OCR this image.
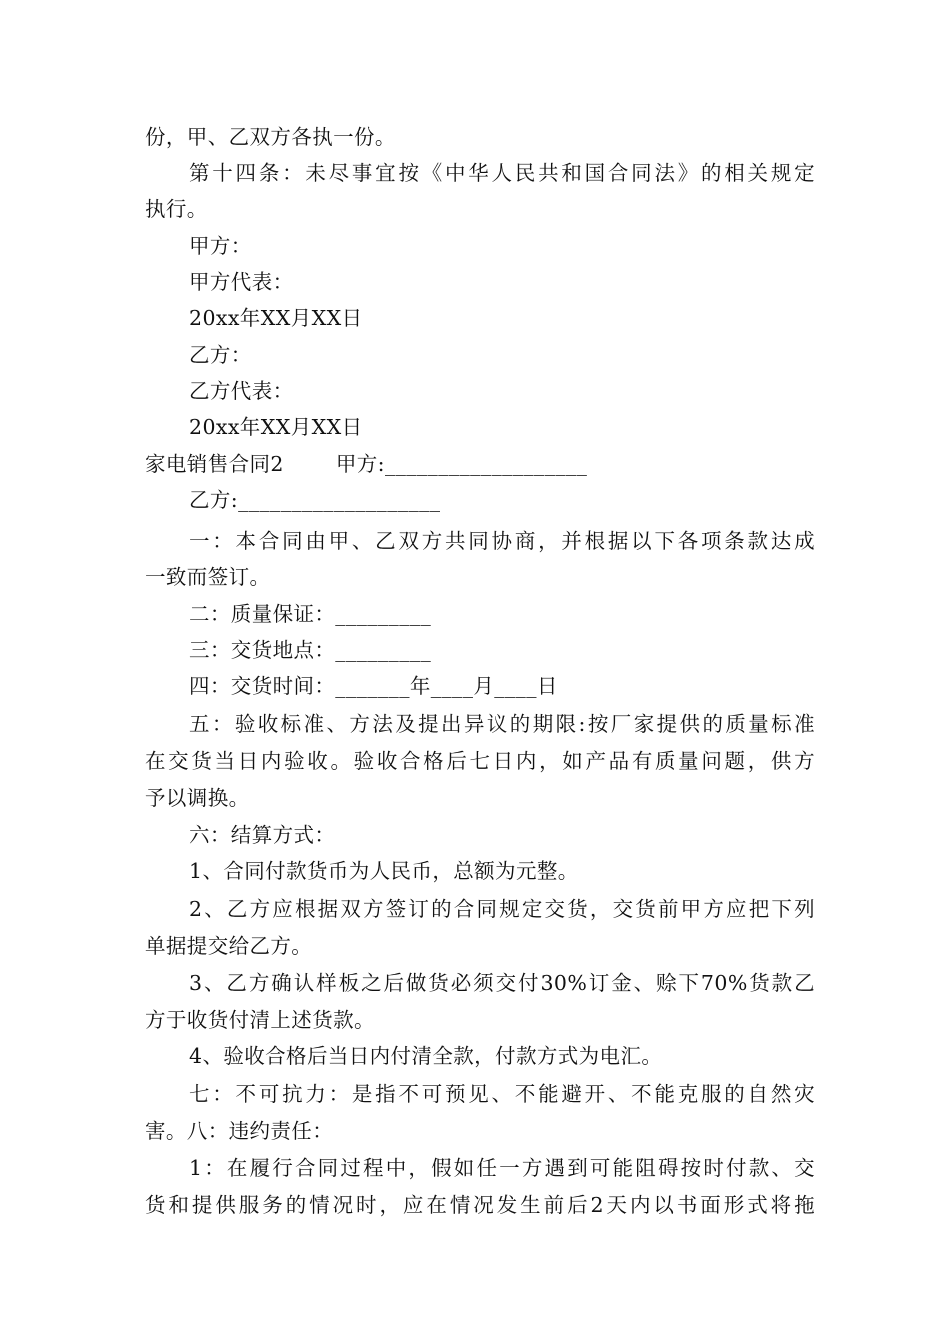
份，甲、乙双方各执一份。
第十四条：未尽事宜按《中华人民共和国合同法》的相关规定
执行。
甲方：
甲方代表：
20xx年XX月XX日
乙方：
乙方代表：
20xx年XX月XX日
家电销售合同2	甲方:___________________
乙方:___________________
一：本合同由甲、乙双方共同协商，并根据以下各项条款达成
一致而签订。
二：质量保证：_________
三：交货地点：_________
四：交货时间：_______年____月____日
五：验收标准、方法及提出异议的期限:按厂家提供的质量标准
在交货当日内验收。验收合格后七日内，如产品有质量问题，供方
予以调换。
六：结算方式：
1、合同付款货币为人民币，总额为元整。
2、乙方应根据双方签订的合同规定交货，交货前甲方应把下列
单据提交给乙方。
3、乙方确认样板之后做货必须交付30%订金、赊下70%货款乙
方于收货付清上述货款。
4、验收合格后当日内付清全款，付款方式为电汇。
七：不可抗力：是指不可预见、不能避开、不能克服的自然灾
害。八：违约责任：
1：在履行合同过程中，假如任一方遇到可能阻碍按时付款、交
货和提供服务的情况时，应在情况发生前后2天内以书面形式将拖
